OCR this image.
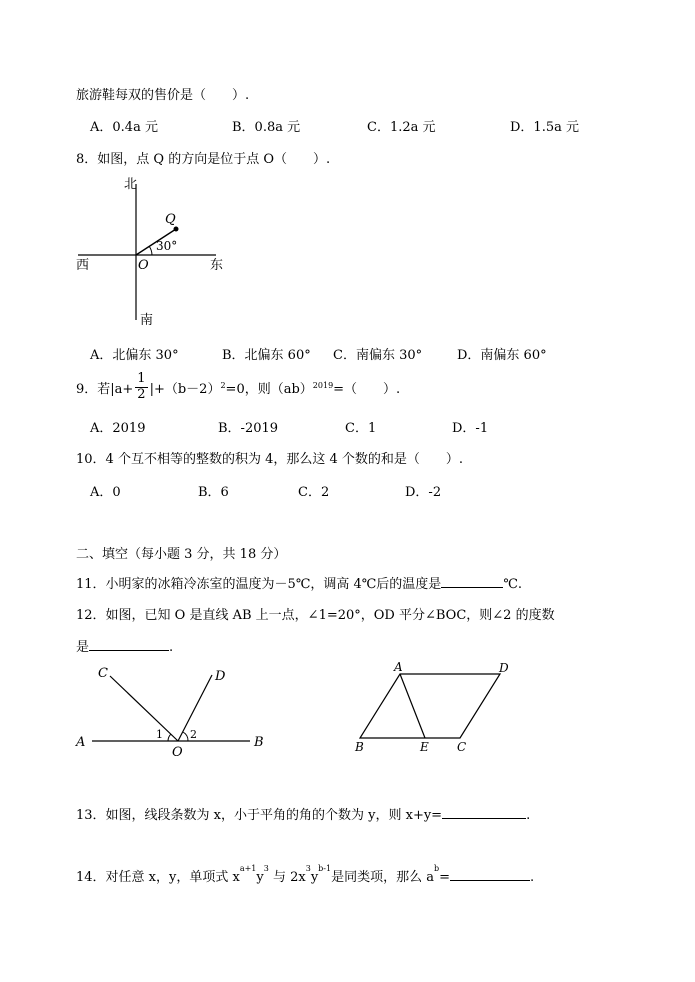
旅游鞋每双的售价是（　　）.
A．0.4a 元	B．0.8a 元	C．1.2a 元	D．1.5a 元
8．如图，点 Q 的方向是位于点 O（　　）.
北
南
西	东
O
Q
30°
A．北偏东 30°	B．北偏东 60° C．南偏东 30°	D．南偏东 60°
9．若$|a+ \frac{1}{2} |+(b-2)^2 =0$，则（ab）$^{2019}$ =（　　）.
A．2019	B．-2019	C．1	D．-1
10．4 个互不相等的整数的积为 4，那么这 4 个数的和是（　　）.
A．0	B．6	C．2	D．-2
二、填空（每小题 3 分，共 18 分）
11．小明家的冰箱冷冻室的温度为－5℃，调高 4℃后的温度是	℃.
12．如图，已知 O 是直线 AB 上一点，∠1=20°，OD 平分∠BOC，则∠2 的度数
是	.
A	B
C	D
O
1 2
A	D
B	E C
13．如图，线段条数为 x，小于平角的角的个数为 y，则 x+y=	.
14．对任意 x，y，单项式 $x^{a+1}y^3$ 与 $2x^3y^{b-1}$是同类项，那么 $a^b=$	.
